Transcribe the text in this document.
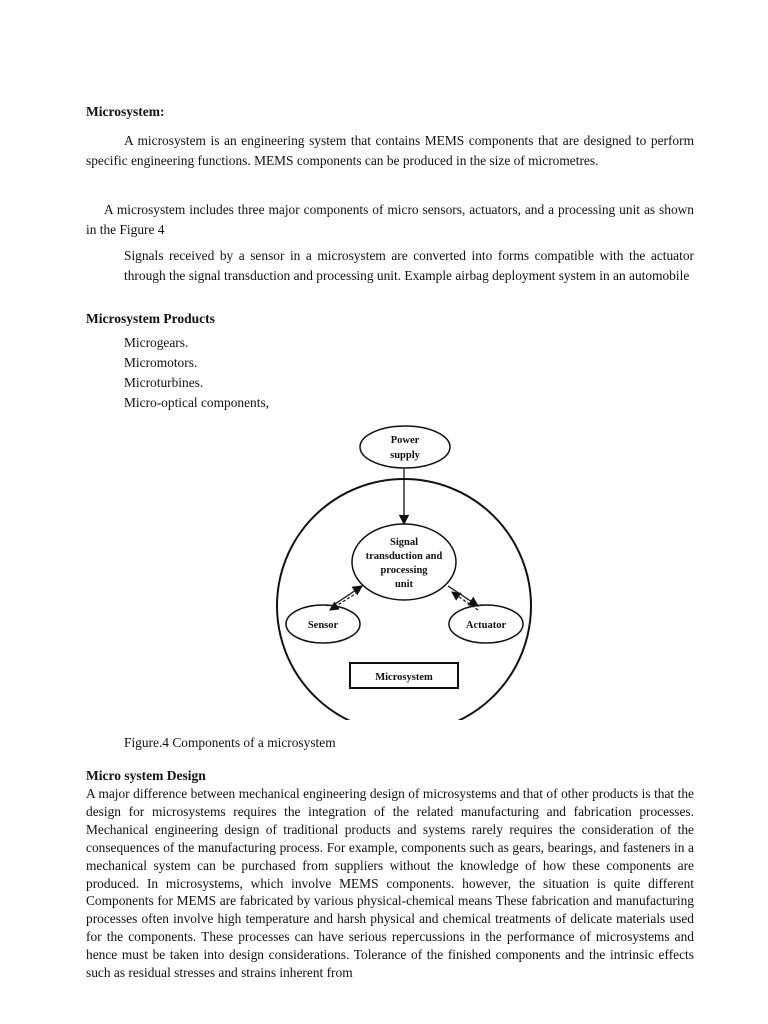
Microsystem:

A microsystem is an engineering system that contains MEMS components that are designed to perform specific engineering functions. MEMS components can be produced in the size of micrometres.

A microsystem includes three major components of micro sensors, actuators, and a processing unit as shown in the Figure 4

Signals received by a sensor in a microsystem are converted into forms compatible with the actuator through the signal transduction and processing unit. Example airbag deployment system in an automobile

Microsystem Products
Microgears.
Micromotors.
Microturbines.
Micro-optical components,
Power
supply
Signal
transduction and
processing
unit
Sensor	Actuator
Microsystem
Figure.4 Components of a microsystem
Micro system Design

A major difference between mechanical engineering design of microsystems and that of other products is that the design for microsystems requires the integration of the related manufacturing and fabrication processes. Mechanical engineering design of traditional products and systems rarely requires the consideration of the consequences of the manufacturing process. For example, components such as gears, bearings, and fasteners in a mechanical system can be purchased from suppliers without the knowledge of how these components are produced. In microsystems, which involve MEMS components. however, the situation is quite different Components for MEMS are fabricated by various physical-chemical means These fabrication and manufacturing processes often involve high temperature and harsh physical and chemical treatments of delicate materials used for the components. These processes can have serious repercussions in the performance of microsystems and hence must be taken into design considerations. Tolerance of the finished components and the intrinsic effects such as residual stresses and strains inherent from
